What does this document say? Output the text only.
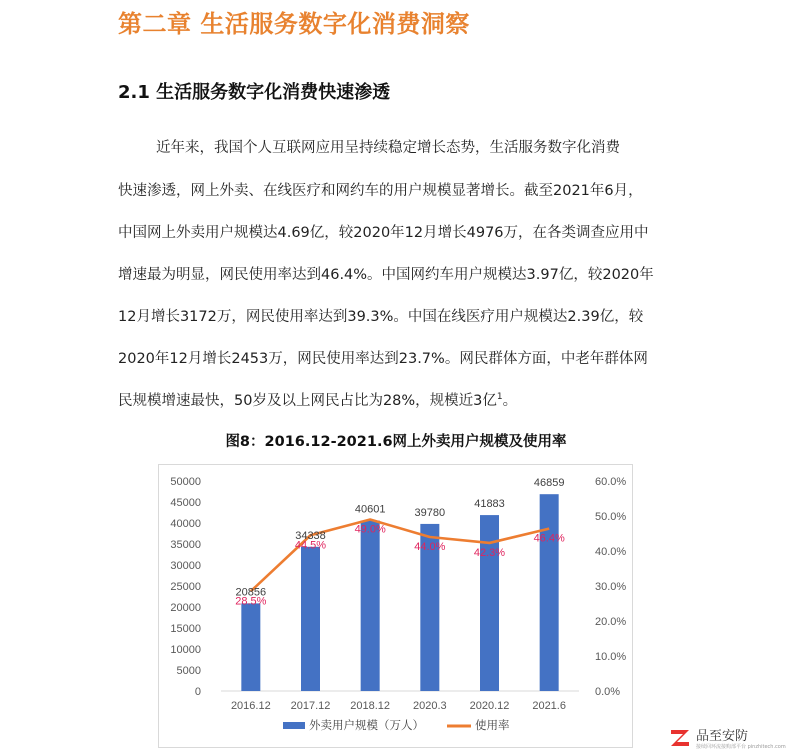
第二章 生活服务数字化消费洞察
2.1 生活服务数字化消费快速渗透
近年来，我国个人互联网应用呈持续稳定增长态势，生活服务数字化消费
快速渗透，网上外卖、在线医疗和网约车的用户规模显著增长。截至2021年6月，
中国网上外卖用户规模达4.69亿，较2020年12月增长4976万，在各类调查应用中
增速最为明显，网民使用率达到46.4%。中国网约车用户规模达3.97亿，较2020年
12月增长3172万，网民使用率达到39.3%。中国在线医疗用户规模达2.39亿，较
2020年12月增长2453万，网民使用率达到23.7%。网民群体方面，中老年群体网
民规模增速最快，50岁及以上网民占比为28%，规模近3亿$^1$。
图8：2016.12-2021.6网上外卖用户规模及使用率
0
5000
10000
15000
20000
25000
30000
35000
40000
45000
50000
0.0%
10.0%
20.0%
30.0%
40.0%
50.0%
60.0%
20856
34338
40601	39780
41883
46859
28.5%
44.5%
49.0%
44.0%	42.3%
46.4%
2016.12 2017.12 2018.12 2020.3 2020.12 2021.6
外卖用户规模（万人）	使用率
品至安防
接续回环流接购部平台 pinzhitech.com
